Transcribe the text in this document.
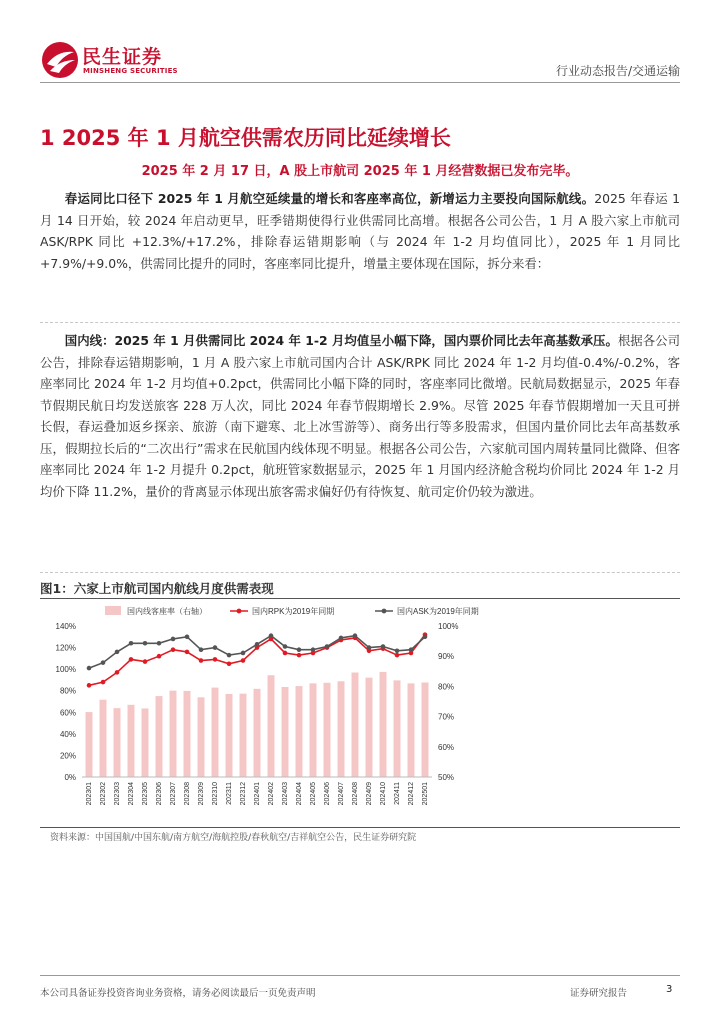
民生证券
MINSHENG SECURITIES	行业动态报告/交通运输
1 2025 年 1 月航空供需农历同比延续增长
2025 年 2 月 17 日，A 股上市航司 2025 年 1 月经营数据已发布完毕。
春运同比口径下 2025 年 1 月航空延续量的增长和客座率高位，新增运力主要投向国际航线。2025 年春运 1 月 14 日开始，较 2024 年启动更早，旺季错期使得行业供需同比高增。根据各公司公告，1 月 A 股六家上市航司 ASK/RPK 同比 +12.3%/+17.2%，排除春运错期影响（与 2024 年 1-2 月均值同比），2025 年 1 月同比+7.9%/+9.0%，供需同比提升的同时，客座率同比提升，增量主要体现在国际，拆分来看：
国内线：2025 年 1 月供需同比 2024 年 1-2 月均值呈小幅下降，国内票价同比去年高基数承压。根据各公司公告，排除春运错期影响，1 月 A 股六家上市航司国内合计 ASK/RPK 同比 2024 年 1-2 月均值-0.4%/-0.2%，客座率同比 2024 年 1-2 月均值+0.2pct，供需同比小幅下降的同时，客座率同比微增。民航局数据显示，2025 年春节假期民航日均发送旅客 228 万人次，同比 2024 年春节假期增长 2.9%。尽管 2025 年春节假期增加一天且可拼长假，春运叠加返乡探亲、旅游（南下避寒、北上冰雪游等）、商务出行等多股需求，但国内量价同比去年高基数承压，假期拉长后的“二次出行”需求在民航国内线体现不明显。根据各公司公告，六家航司国内周转量同比微降、但客座率同比 2024 年 1-2 月提升 0.2pct，航班管家数据显示，2025 年 1 月国内经济舱含税均价同比 2024 年 1-2 月均价下降 11.2%，量价的背离显示体现出旅客需求偏好仍有待恢复、航司定价仍较为激进。
图1：六家上市航司国内航线月度供需表现
0%
20%
40%
60%
80%
100%
120%
140%
50%
60%
70%
80%
90%
100%
202301 202302 202303 202304 202305 202306 202307 202308 202309 202310 202311 202312 202401 202402 202403 202404 202405 202406 202407 202408 202409 202410 202411 202412 202501
国内线客座率（右轴）	国内RPK为2019年同期	国内ASK为2019年同期
资料来源：中国国航/中国东航/南方航空/海航控股/春秋航空/吉祥航空公告，民生证券研究院
本公司具备证券投资咨询业务资格，请务必阅读最后一页免责声明	证券研究报告	3
